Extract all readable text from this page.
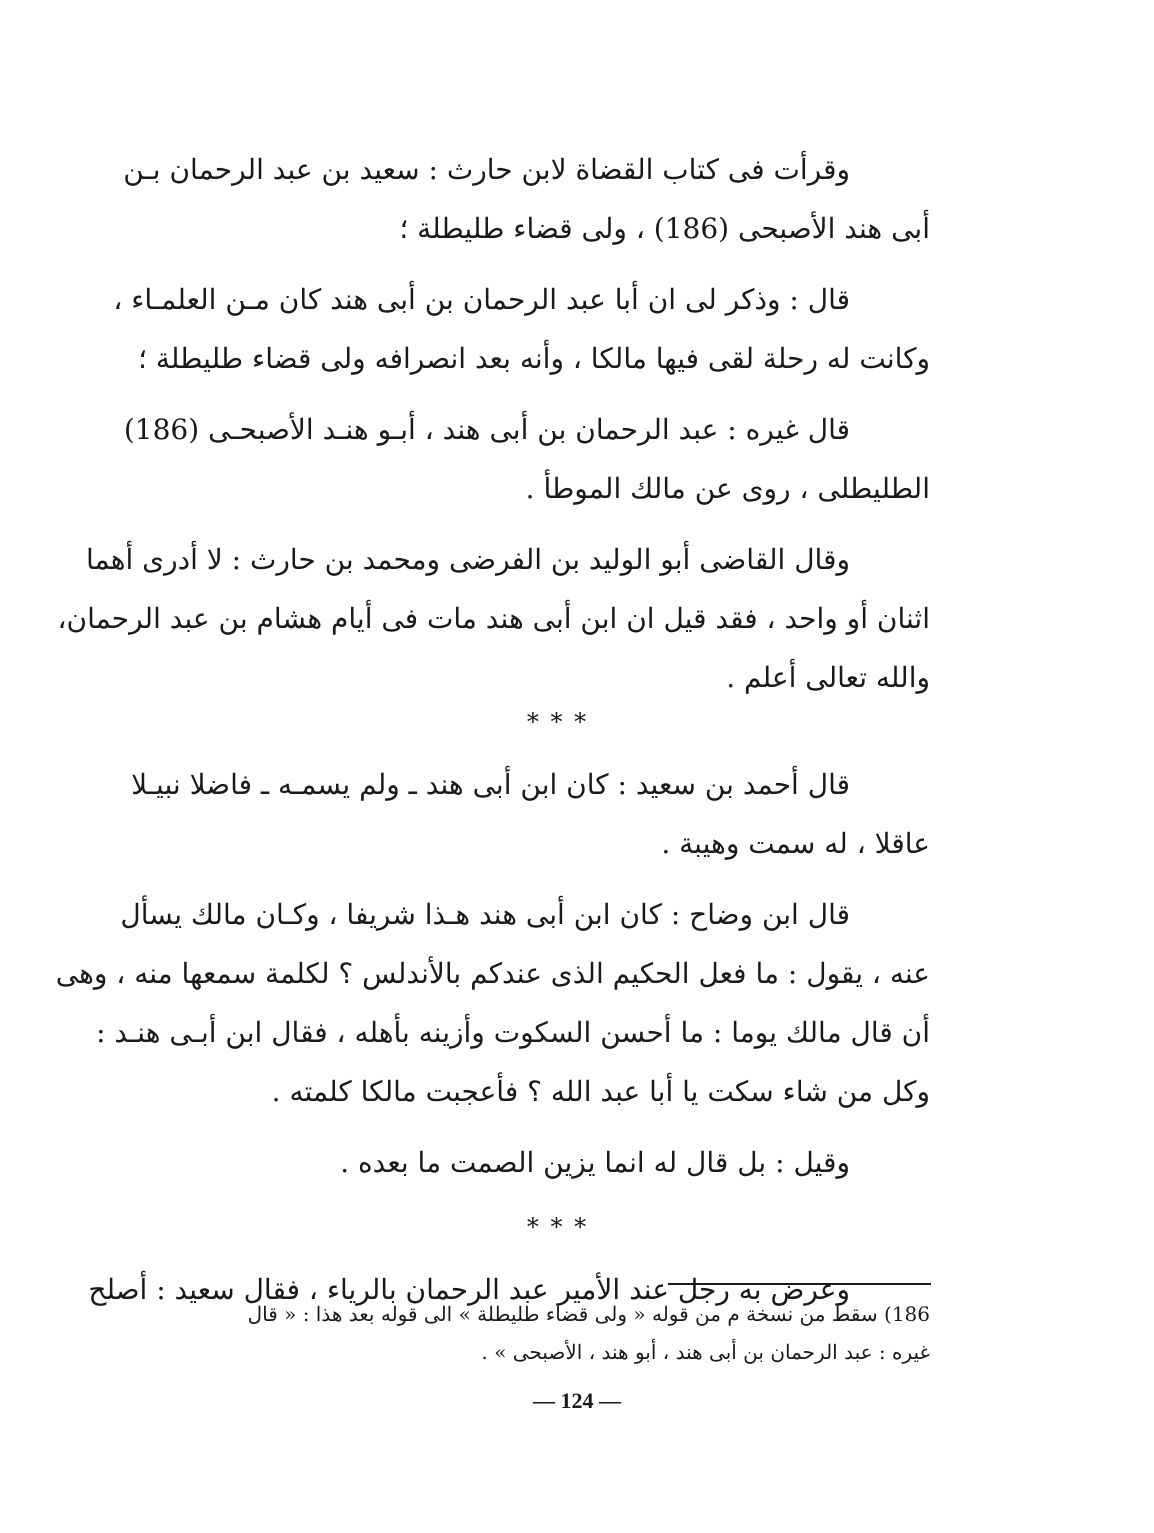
وقرأت فى كتاب القضاة لابن حارث : سعيد بن عبد الرحمان بـن
أبى هند الأصبحى (186) ، ولى قضاء طليطلة ؛
قال : وذكر لى ان أبا عبد الرحمان بن أبى هند كان مـن العلمـاء ،
وكانت له رحلة لقى فيها مالكا ، وأنه بعد انصرافه ولى قضاء طليطلة ؛
قال غيره : عبد الرحمان بن أبى هند ، أبـو هنـد الأصبحـى (186)
الطليطلى ، روى عن مالك الموطأ .
وقال القاضى أبو الوليد بن الفرضى ومحمد بن حارث : لا أدرى أهما
اثنان أو واحد ، فقد قيل ان ابن أبى هند مات فى أيام هشام بن عبد الرحمان،
والله تعالى أعلم .
* * *
قال أحمد بن سعيد : كان ابن أبى هند ـ ولم يسمـه ـ فاضلا نبيـلا
عاقلا ، له سمت وهيبة .
قال ابن وضاح : كان ابن أبى هند هـذا شريفا ، وكـان مالك يسأل
عنه ، يقول : ما فعل الحكيم الذى عندكم بالأندلس ؟ لكلمة سمعها منه ، وهى
أن قال مالك يوما : ما أحسن السكوت وأزينه بأهله ، فقال ابن أبـى هنـد :
وكل من شاء سكت يا أبا عبد الله ؟ فأعجبت مالكا كلمته .
وقيل : بل قال له انما يزين الصمت ما بعده .
* * *
وعرض به رجل عند الأمير عبد الرحمان بالرياء ، فقال سعيد : أصلح
186) سقط من نسخة م من قوله « ولى قضاء طليطلة » الى قوله بعد هذا : « قال
غيره : عبد الرحمان بن أبى هند ، أبو هند ، الأصبحى » .
— 124 —
